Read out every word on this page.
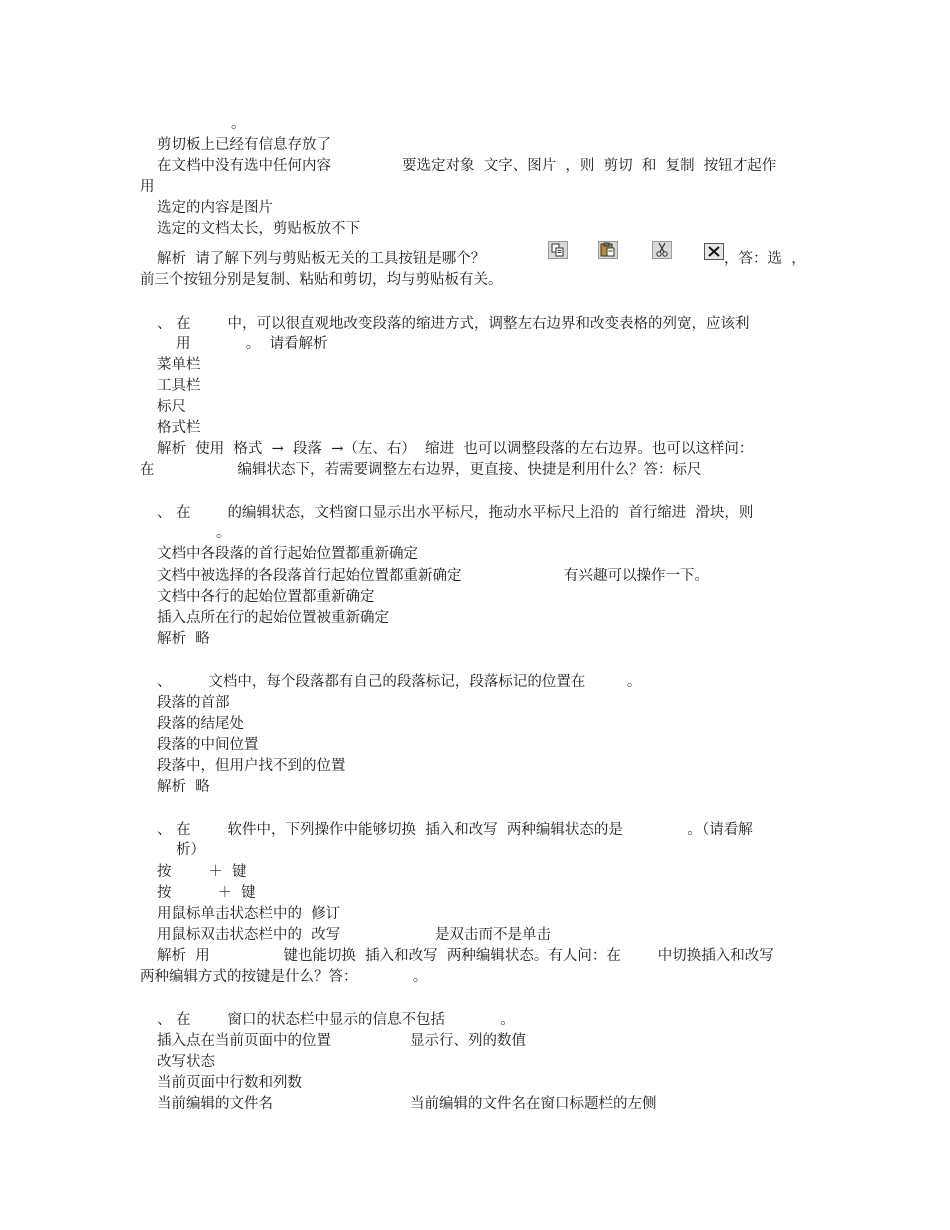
。
剪切板上已经有信息存放了
在文档中没有选中任何内容	要选定对象  文字、图片  ，则  剪切  和  复制  按钮才起作
用
选定的内容是图片
选定的文档太长，剪贴板放不下
解析  请了解下列与剪贴板无关的工具按钮是哪个？	，答：选  ，
前三个按钮分别是复制、粘贴和剪切，均与剪贴板有关。
、 在        中，可以很直观地改变段落的缩进方式，调整左右边界和改变表格的列宽，应该利
用            。  请看解析
菜单栏
工具栏
标尺
格式栏
解析  使用  格式  →  段落  →（左、右）  缩进  也可以调整段落的左右边界。也可以这样问：
在                  编辑状态下，若需要调整左右边界，更直接、快捷是利用什么？答：标尺
、 在        的编辑状态，文档窗口显示出水平标尺，拖动水平标尺上沿的  首行缩进  滑块，则
。
文档中各段落的首行起始位置都重新确定
文档中被选择的各段落首行起始位置都重新确定	有兴趣可以操作一下。
文档中各行的起始位置都重新确定
插入点所在行的起始位置被重新确定
解析  略
、        文档中，每个段落都有自己的段落标记，段落标记的位置在         。
段落的首部
段落的结尾处
段落的中间位置
段落中，但用户找不到的位置
解析  略
、 在        软件中，下列操作中能够切换  插入和改写  两种编辑状态的是              。（请看解
析）
按        ＋  键
按          ＋  键
用鼠标单击状态栏中的  修订
用鼠标双击状态栏中的  改写	是双击而不是单击
解析  用                键也能切换  插入和改写  两种编辑状态。有人问：在        中切换插入和改写
两种编辑方式的按键是什么？答：            。
、 在        窗口的状态栏中显示的信息不包括            。
插入点在当前页面中的位置	显示行、列的数值
改写状态
当前页面中行数和列数
当前编辑的文件名	当前编辑的文件名在窗口标题栏的左侧
